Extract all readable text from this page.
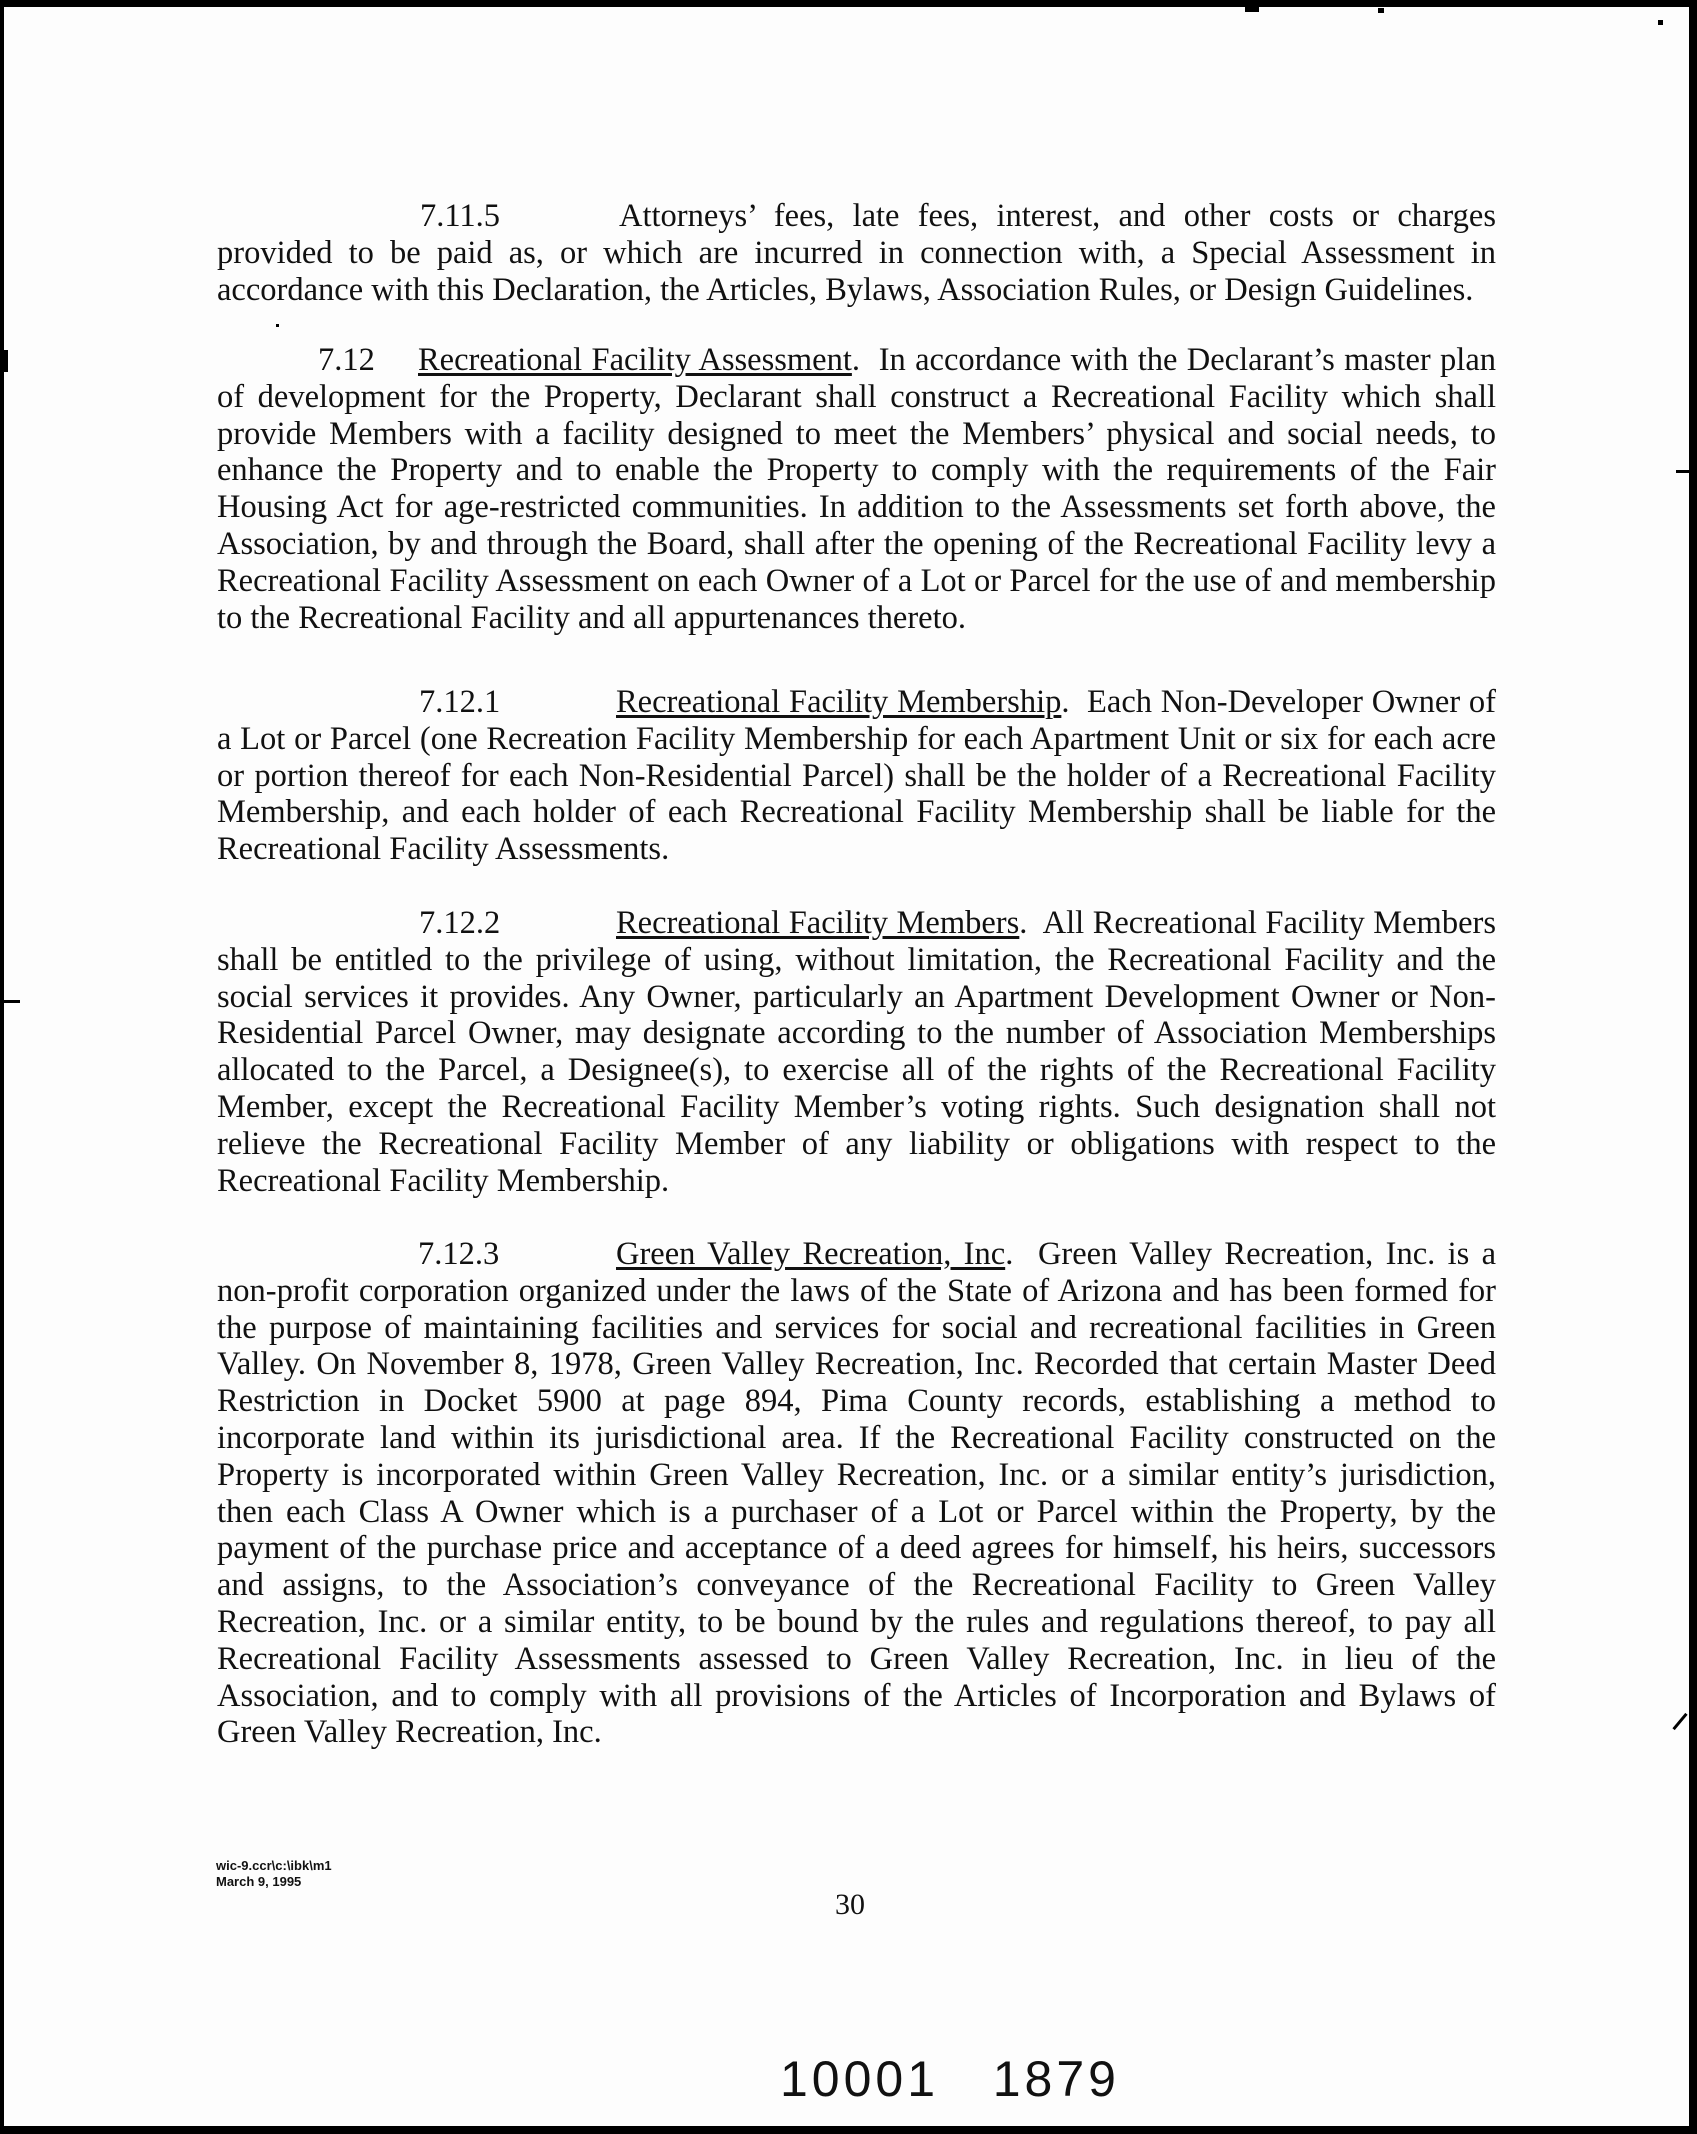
7.11.5	Attorneys’ fees, late fees, interest, and other costs or charges provided to be paid as, or which are incurred in connection with, a Special Assessment in accordance with this Declaration, the Articles, Bylaws, Association Rules, or Design Guidelines.
7.12 Recreational Facility Assessment. In accordance with the Declarant’s master plan of development for the Property, Declarant shall construct a Recreational Facility which shall provide Members with a facility designed to meet the Members’ physical and social needs, to enhance the Property and to enable the Property to comply with the requirements of the Fair Housing Act for age-restricted communities. In addition to the Assessments set forth above, the Association, by and through the Board, shall after the opening of the Recreational Facility levy a Recreational Facility Assessment on each Owner of a Lot or Parcel for the use of and membership to the Recreational Facility and all appurtenances thereto.
7.12.1	Recreational Facility Membership. Each Non-Developer Owner of a Lot or Parcel (one Recreation Facility Membership for each Apartment Unit or six for each acre or portion thereof for each Non-Residential Parcel) shall be the holder of a Recreational Facility Membership, and each holder of each Recreational Facility Membership shall be liable for the Recreational Facility Assessments.
7.12.2	Recreational Facility Members. All Recreational Facility Members shall be entitled to the privilege of using, without limitation, the Recreational Facility and the social services it provides. Any Owner, particularly an Apartment Development Owner or Non-Residential Parcel Owner, may designate according to the number of Association Memberships allocated to the Parcel, a Designee(s), to exercise all of the rights of the Recreational Facility Member, except the Recreational Facility Member’s voting rights. Such designation shall not relieve the Recreational Facility Member of any liability or obligations with respect to the Recreational Facility Membership.
7.12.3	Green Valley Recreation, Inc. Green Valley Recreation, Inc. is a non-profit corporation organized under the laws of the State of Arizona and has been formed for the purpose of maintaining facilities and services for social and recreational facilities in Green Valley. On November 8, 1978, Green Valley Recreation, Inc. Recorded that certain Master Deed Restriction in Docket 5900 at page 894, Pima County records, establishing a method to incorporate land within its jurisdictional area. If the Recreational Facility constructed on the Property is incorporated within Green Valley Recreation, Inc. or a similar entity’s jurisdiction, then each Class A Owner which is a purchaser of a Lot or Parcel within the Property, by the payment of the purchase price and acceptance of a deed agrees for himself, his heirs, successors and assigns, to the Association’s conveyance of the Recreational Facility to Green Valley Recreation, Inc. or a similar entity, to be bound by the rules and regulations thereof, to pay all Recreational Facility Assessments assessed to Green Valley Recreation, Inc. in lieu of the Association, and to comply with all provisions of the Articles of Incorporation and Bylaws of Green Valley Recreation, Inc.
wic-9.ccr\c:\ibk\m1
March 9, 1995
30
10001 1879
